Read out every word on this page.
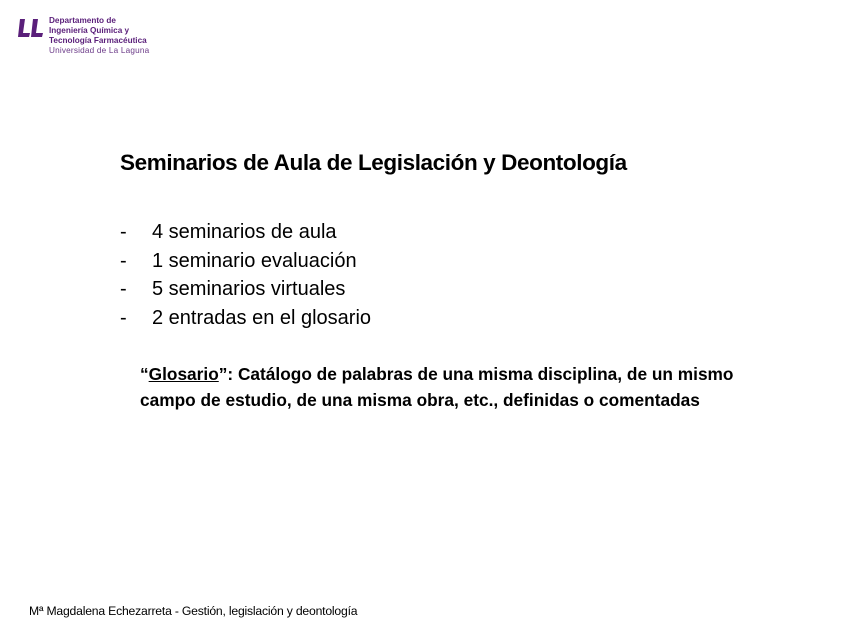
Departamento de
Ingeniería Química y
Tecnología Farmacéutica
Universidad de La Laguna
Seminarios de Aula de Legislación y Deontología
-	4 seminarios de aula
-	1 seminario evaluación
-	5 seminarios virtuales
-	2 entradas en el glosario
“Glosario”: Catálogo de palabras de una misma disciplina, de un mismo campo de estudio, de una misma obra, etc., definidas o comentadas
Mª Magdalena Echezarreta - Gestión, legislación y deontología
